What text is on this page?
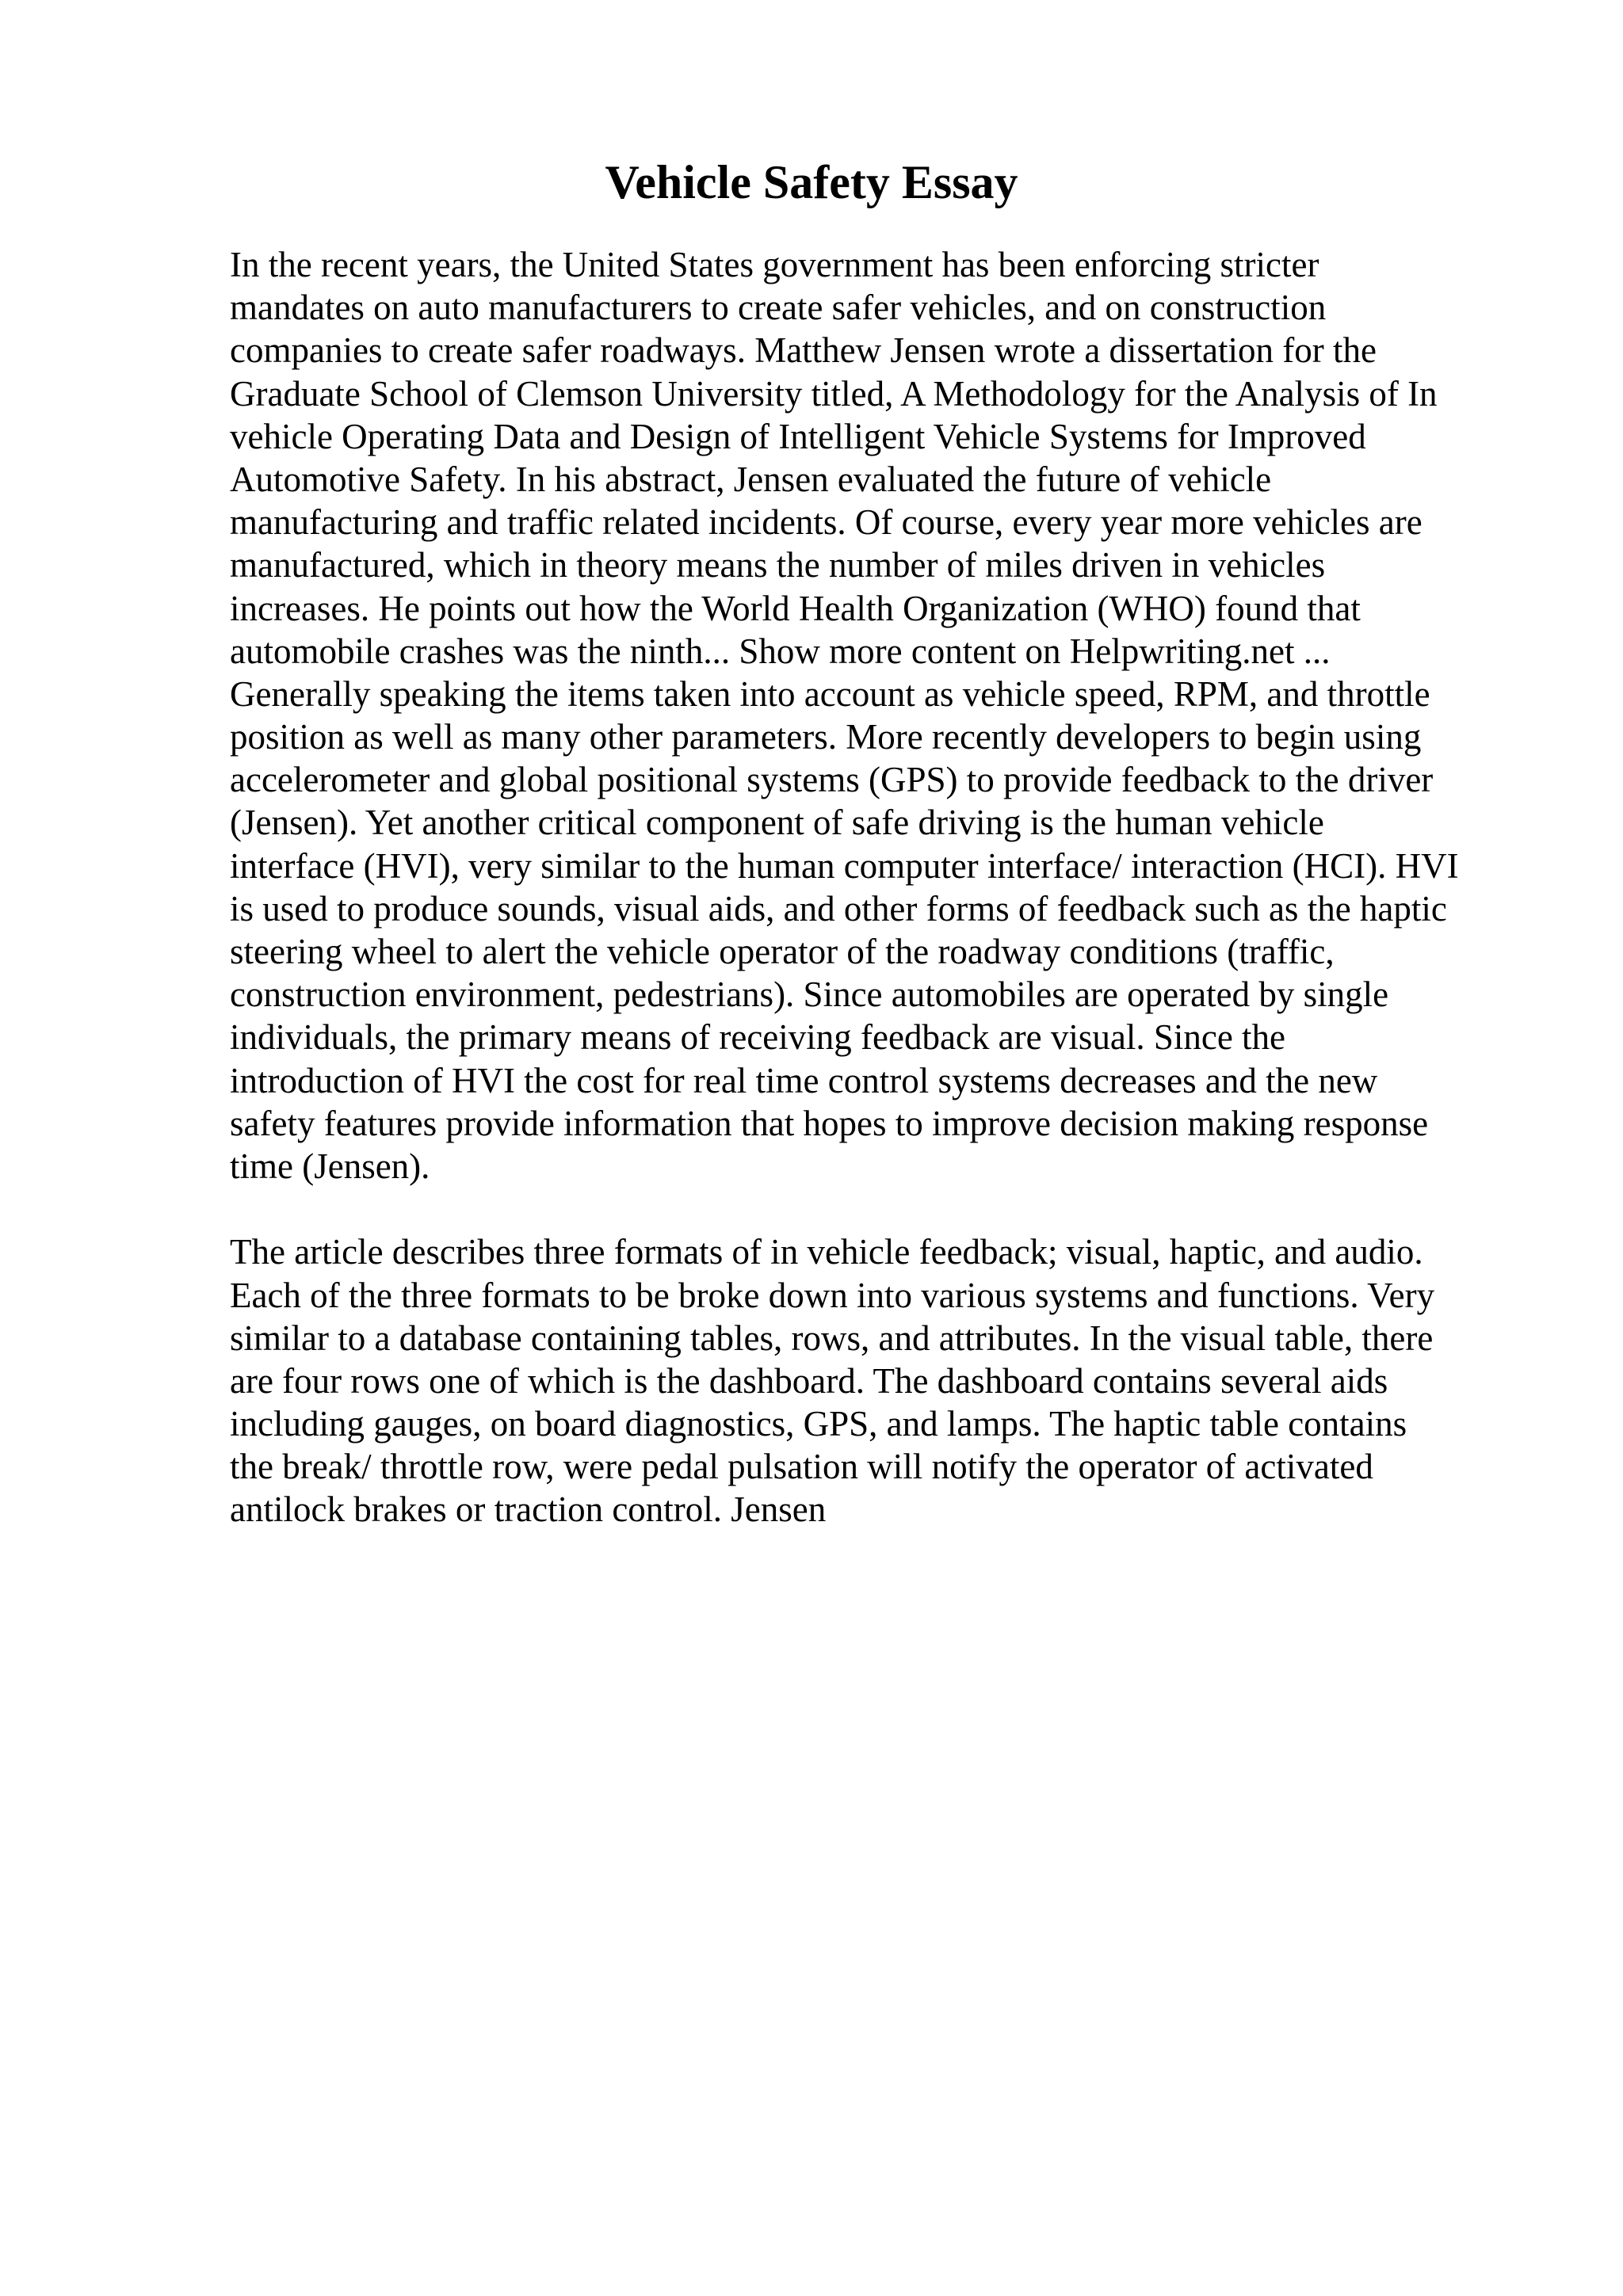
Vehicle Safety Essay
In the recent years, the United States government has been enforcing stricter
mandates on auto manufacturers to create safer vehicles, and on construction
companies to create safer roadways. Matthew Jensen wrote a dissertation for the
Graduate School of Clemson University titled, A Methodology for the Analysis of In
vehicle Operating Data and Design of Intelligent Vehicle Systems for Improved
Automotive Safety. In his abstract, Jensen evaluated the future of vehicle
manufacturing and traffic related incidents. Of course, every year more vehicles are
manufactured, which in theory means the number of miles driven in vehicles
increases. He points out how the World Health Organization (WHO) found that
automobile crashes was the ninth... Show more content on Helpwriting.net ...
Generally speaking the items taken into account as vehicle speed, RPM, and throttle
position as well as many other parameters. More recently developers to begin using
accelerometer and global positional systems (GPS) to provide feedback to the driver
(Jensen). Yet another critical component of safe driving is the human vehicle
interface (HVI), very similar to the human computer interface/ interaction (HCI). HVI
is used to produce sounds, visual aids, and other forms of feedback such as the haptic
steering wheel to alert the vehicle operator of the roadway conditions (traffic,
construction environment, pedestrians). Since automobiles are operated by single
individuals, the primary means of receiving feedback are visual. Since the
introduction of HVI the cost for real time control systems decreases and the new
safety features provide information that hopes to improve decision making response
time (Jensen).
The article describes three formats of in vehicle feedback; visual, haptic, and audio.
Each of the three formats to be broke down into various systems and functions. Very
similar to a database containing tables, rows, and attributes. In the visual table, there
are four rows one of which is the dashboard. The dashboard contains several aids
including gauges, on board diagnostics, GPS, and lamps. The haptic table contains
the break/ throttle row, were pedal pulsation will notify the operator of activated
antilock brakes or traction control. Jensen
